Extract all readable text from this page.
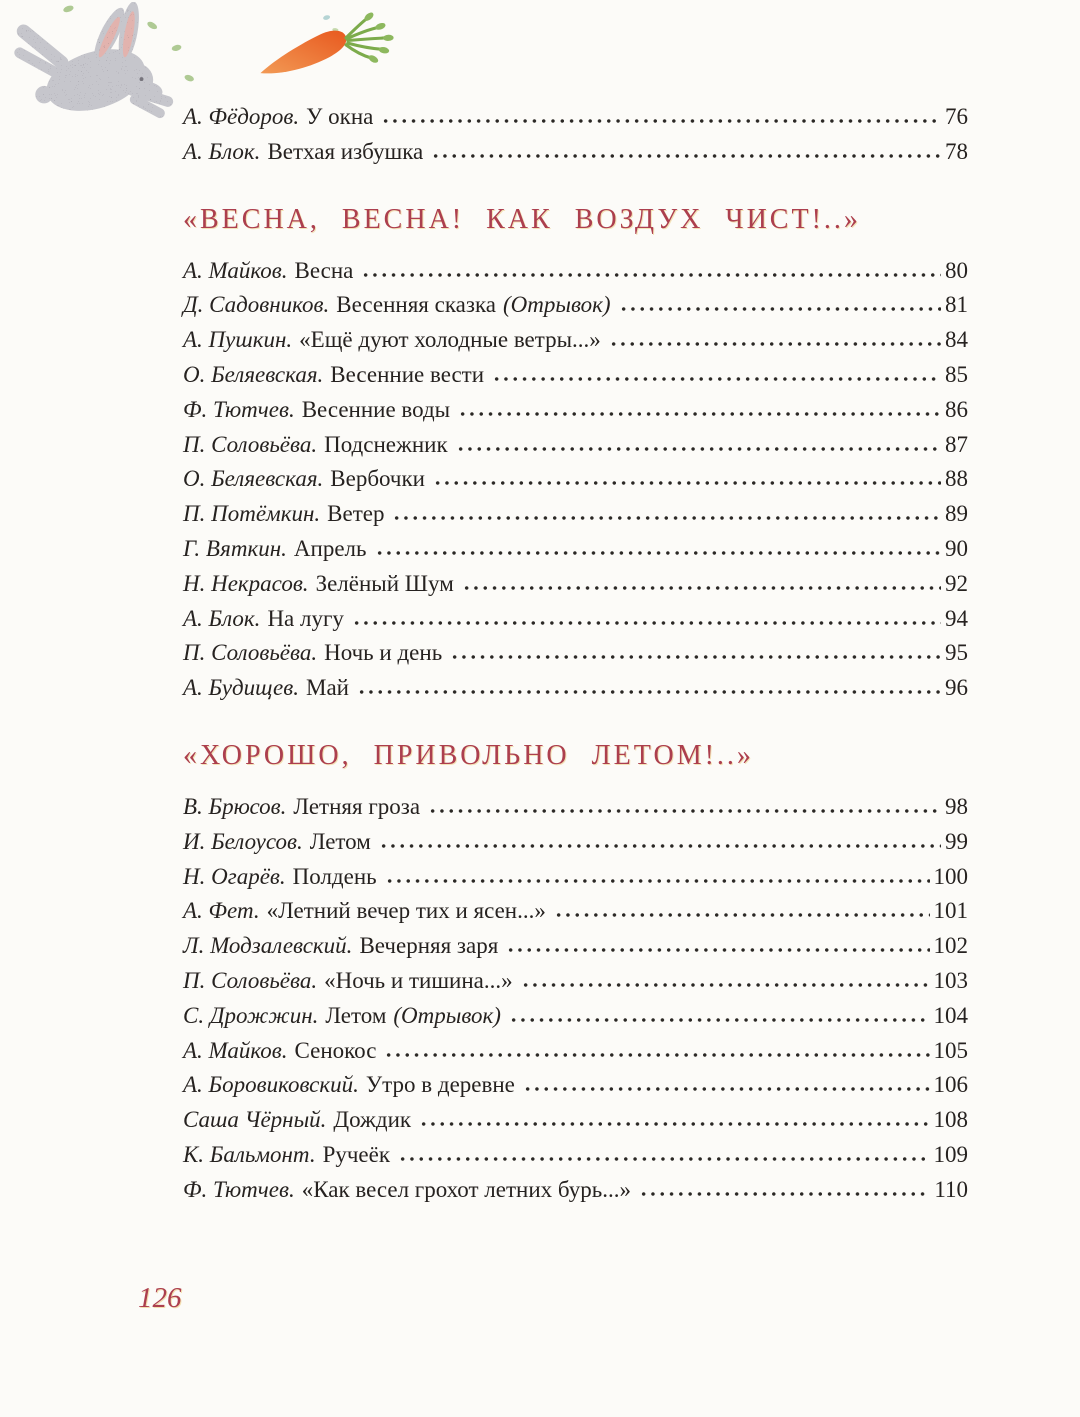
А. Фёдоров. У окна	76
А. Блок. Ветхая избушка	78
«ВЕСНА, ВЕСНА! КАК ВОЗДУХ ЧИСТ!..»
А. Майков. Весна	80
Д. Садовников. Весенняя сказка (Отрывок)	81
А. Пушкин. «Ещё дуют холодные ветры...»	84
О. Беляевская. Весенние вести	85
Ф. Тютчев. Весенние воды	86
П. Соловьёва. Подснежник	87
О. Беляевская. Вербочки	88
П. Потёмкин. Ветер	89
Г. Вяткин. Апрель	90
Н. Некрасов. Зелёный Шум	92
А. Блок. На лугу	94
П. Соловьёва. Ночь и день	95
А. Будищев. Май	96
«ХОРОШО, ПРИВОЛЬНО ЛЕТОМ!..»
В. Брюсов. Летняя гроза	98
И. Белоусов. Летом	99
Н. Огарёв. Полдень	100
А. Фет. «Летний вечер тих и ясен...»	101
Л. Модзалевский. Вечерняя заря	102
П. Соловьёва. «Ночь и тишина...»	103
С. Дрожжин. Летом (Отрывок)	104
А. Майков. Сенокос	105
А. Боровиковский. Утро в деревне	106
Саша Чёрный. Дождик	108
К. Бальмонт. Ручеёк	109
Ф. Тютчев. «Как весел грохот летних бурь...»	110
126
